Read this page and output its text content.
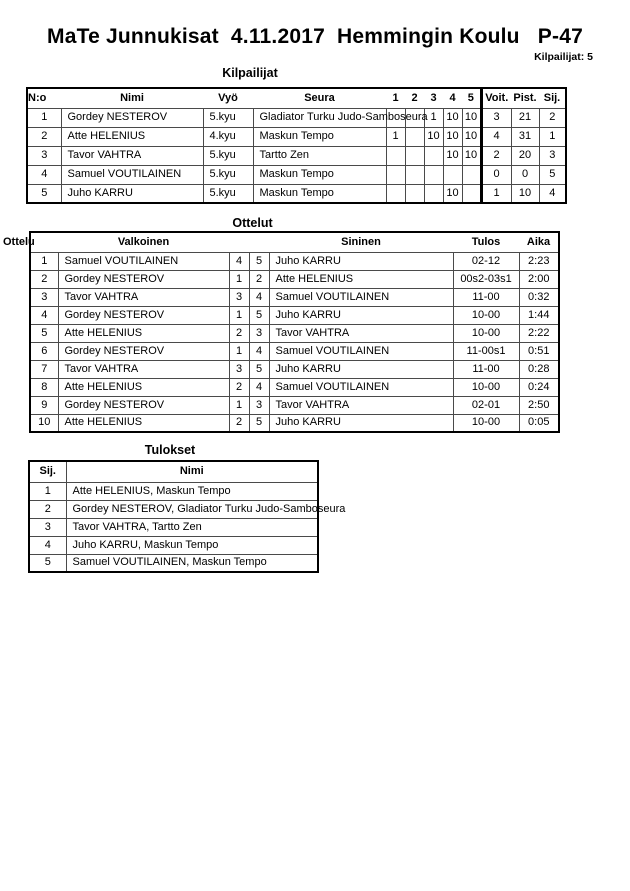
MaTe Junnukisat  4.11.2017  Hemmingin Koulu   P-47
Kilpailijat: 5
Kilpailijat
N:o	Nimi	Vyö	Seura	1	2	3	4	5	Voit.	Pist.	Sij.
1	Gordey NESTEROV	5.kyu	Gladiator Turku Judo-Samboseura			1	10	10	3	21	2
2	Atte HELENIUS	4.kyu	Maskun Tempo	1		10	10	10	4	31	1
3	Tavor VAHTRA	5.kyu	Tartto Zen				10	10	2	20	3
4	Samuel VOUTILAINEN	5.kyu	Maskun Tempo						0	0	5
5	Juho KARRU	5.kyu	Maskun Tempo				10		1	10	4
Ottelut
Ottelu	Valkoinen			Sininen	Tulos	Aika
1	Samuel VOUTILAINEN	4	5	Juho KARRU	02-12	2:23
2	Gordey NESTEROV	1	2	Atte HELENIUS	00s2-03s1	2:00
3	Tavor VAHTRA	3	4	Samuel VOUTILAINEN	11-00	0:32
4	Gordey NESTEROV	1	5	Juho KARRU	10-00	1:44
5	Atte HELENIUS	2	3	Tavor VAHTRA	10-00	2:22
6	Gordey NESTEROV	1	4	Samuel VOUTILAINEN	11-00s1	0:51
7	Tavor VAHTRA	3	5	Juho KARRU	11-00	0:28
8	Atte HELENIUS	2	4	Samuel VOUTILAINEN	10-00	0:24
9	Gordey NESTEROV	1	3	Tavor VAHTRA	02-01	2:50
10	Atte HELENIUS	2	5	Juho KARRU	10-00	0:05
Tulokset
Sij.	Nimi
1	Atte HELENIUS, Maskun Tempo
2	Gordey NESTEROV, Gladiator Turku Judo-Samboseura
3	Tavor VAHTRA, Tartto Zen
4	Juho KARRU, Maskun Tempo
5	Samuel VOUTILAINEN, Maskun Tempo
